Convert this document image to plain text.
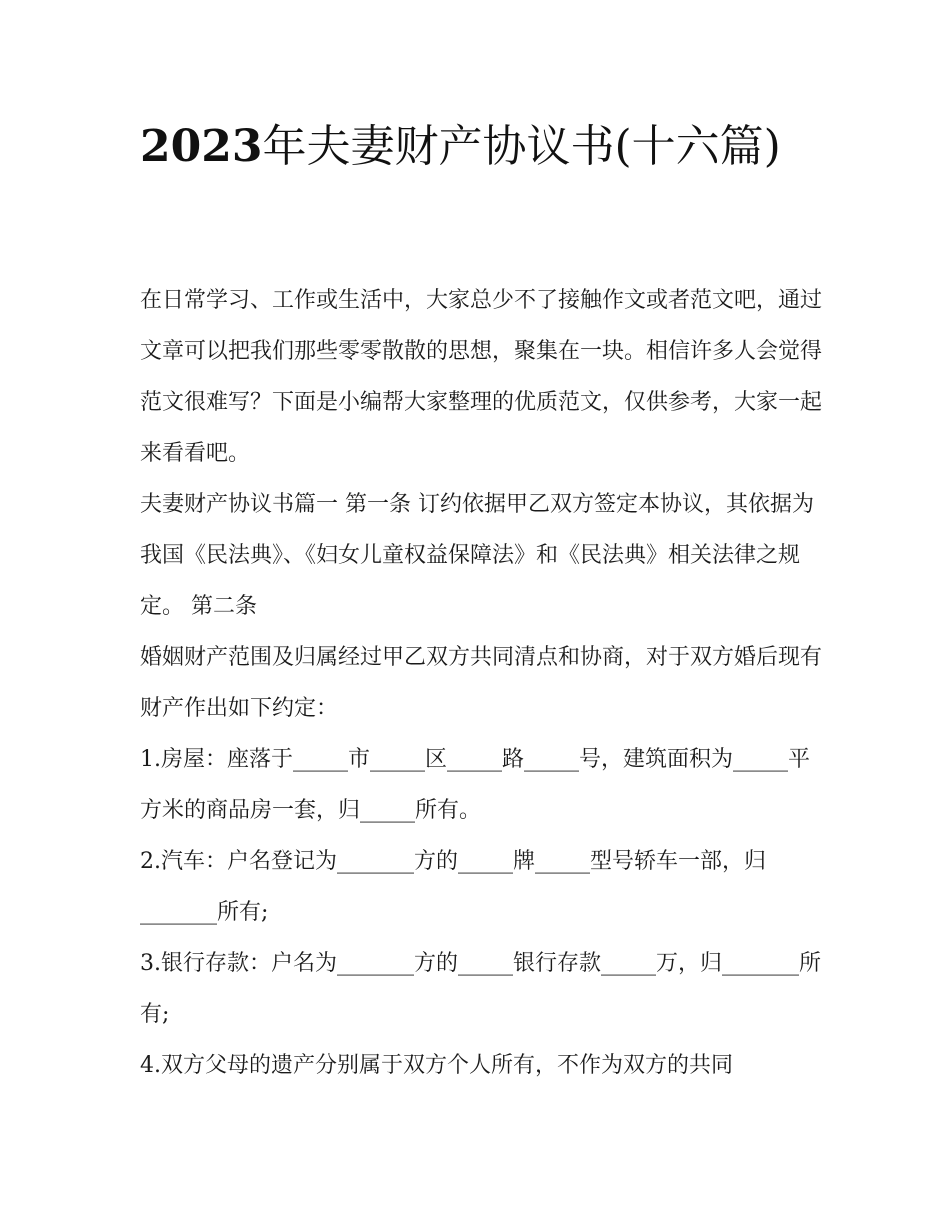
2023年夫妻财产协议书(十六篇)

在日常学习、工作或生活中，大家总少不了接触作文或者范文吧，通过文章可以把我们那些零零散散的思想，聚集在一块。相信许多人会觉得范文很难写？下面是小编帮大家整理的优质范文，仅供参考，大家一起来看看吧。

夫妻财产协议书篇一 第一条 订约依据甲乙双方签定本协议，其依据为我国《民法典》、《妇女儿童权益保障法》和《民法典》相关法律之规定。 第二条

婚姻财产范围及归属经过甲乙双方共同清点和协商，对于双方婚后现有财产作出如下约定：

1.房屋：座落于_____市_____区_____路_____号，建筑面积为_____平方米的商品房一套，归_____所有。

2.汽车：户名登记为_______方的_____牌_____型号轿车一部，归_______所有;

3.银行存款：户名为_______方的_____银行存款_____万，归_______所有;

4.双方父母的遗产分别属于双方个人所有，不作为双方的共同
